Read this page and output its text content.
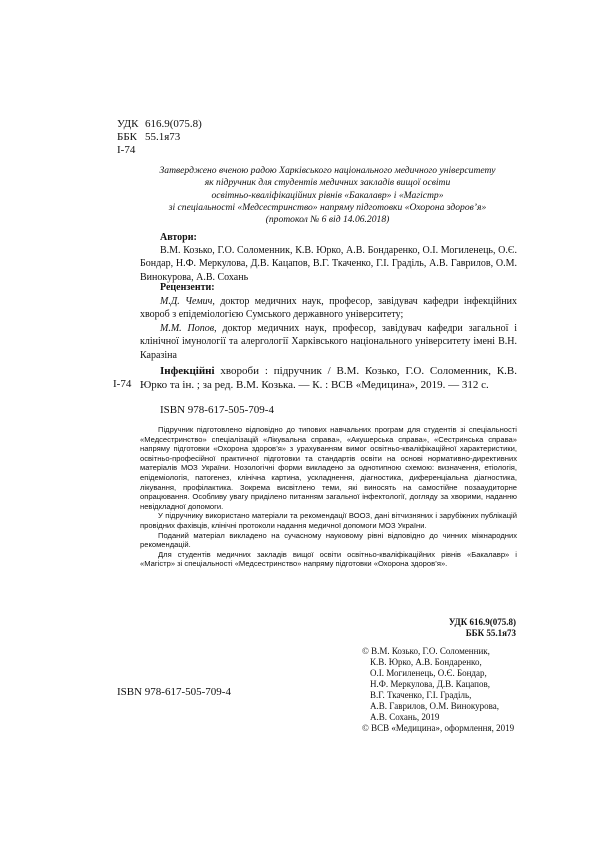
УДК 616.9(075.8)
ББК 55.1я73
І-74
Затверджено вченою радою Харківського національного медичного університету
як підручник для студентів медичних закладів вищої освіти
освітньо-кваліфікаційних рівнів «Бакалавр» і «Магістр»
зі спеціальності «Медсестринство» напряму підготовки «Охорона здоров’я»
(протокол № 6 від 14.06.2018)
Автори:
В.М. Козько, Г.О. Соломенник, К.В. Юрко, А.В. Бондаренко, О.І. Могиленець, О.Є. Бондар, Н.Ф. Меркулова, Д.В. Кацапов, В.Г. Ткаченко, Г.І. Граділь, А.В. Гаврилов, О.М. Винокурова, А.В. Сохань
Рецензенти:
М.Д. Чемич, доктор медичних наук, професор, завідувач кафедри інфекційних хвороб з епідеміологією Сумського державного університету;
М.М. Попов, доктор медичних наук, професор, завідувач кафедри загальної і клінічної імунології та алергології Харківського національного університету імені В.Н. Каразіна
І-74
Інфекційні хвороби : підручник / В.М. Козько, Г.О. Соломенник, К.В. Юрко та ін. ; за ред. В.М. Козька. — К. : ВСВ «Медицина», 2019. — 312 с.
ISBN 978-617-505-709-4

Підручник підготовлено відповідно до типових навчальних програм для студентів зі спеціальності «Медсестринство» спеціалізацій «Лікувальна справа», «Акушерська справа», «Сестринська справа» напряму підготовки «Охорона здоров’я» з урахуванням вимог освітньо-кваліфікаційної характеристики, освітньо-професійної практичної підготовки та стандартів освіти на основі нормативно-директивних матеріалів МОЗ України. Нозологічні форми викладено за однотипною схемою: визначення, етіологія, епідеміологія, патогенез, клінічна картина, ускладнення, діагностика, диференціальна діагностика, лікування, профілактика. Зокрема висвітлено теми, які виносять на самостійне позааудиторне опрацювання. Особливу увагу приділено питанням загальної інфектології, догляду за хворими, наданню невідкладної допомоги.

У підручнику використано матеріали та рекомендації ВООЗ, дані вітчизняних і зарубіжних публікацій провідних фахівців, клінічні протоколи надання медичної допомоги МОЗ України.

Поданий матеріал викладено на сучасному науковому рівні відповідно до чинних міжнародних рекомендацій.

Для студентів медичних закладів вищої освіти освітньо-кваліфікаційних рівнів «Бакалавр» і «Магістр» зі спеціальності «Медсестринство» напряму підготовки «Охорона здоров’я».

УДК 616.9(075.8)
ББК 55.1я73
© В.М. Козько, Г.О. Соломенник,
К.В. Юрко, А.В. Бондаренко,
О.І. Могиленець, О.Є. Бондар,
Н.Ф. Меркулова, Д.В. Кацапов,
В.Г. Ткаченко, Г.І. Граділь,
А.В. Гаврилов, О.М. Винокурова,
А.В. Сохань, 2019
© ВСВ «Медицина», оформлення, 2019
ISBN 978-617-505-709-4
